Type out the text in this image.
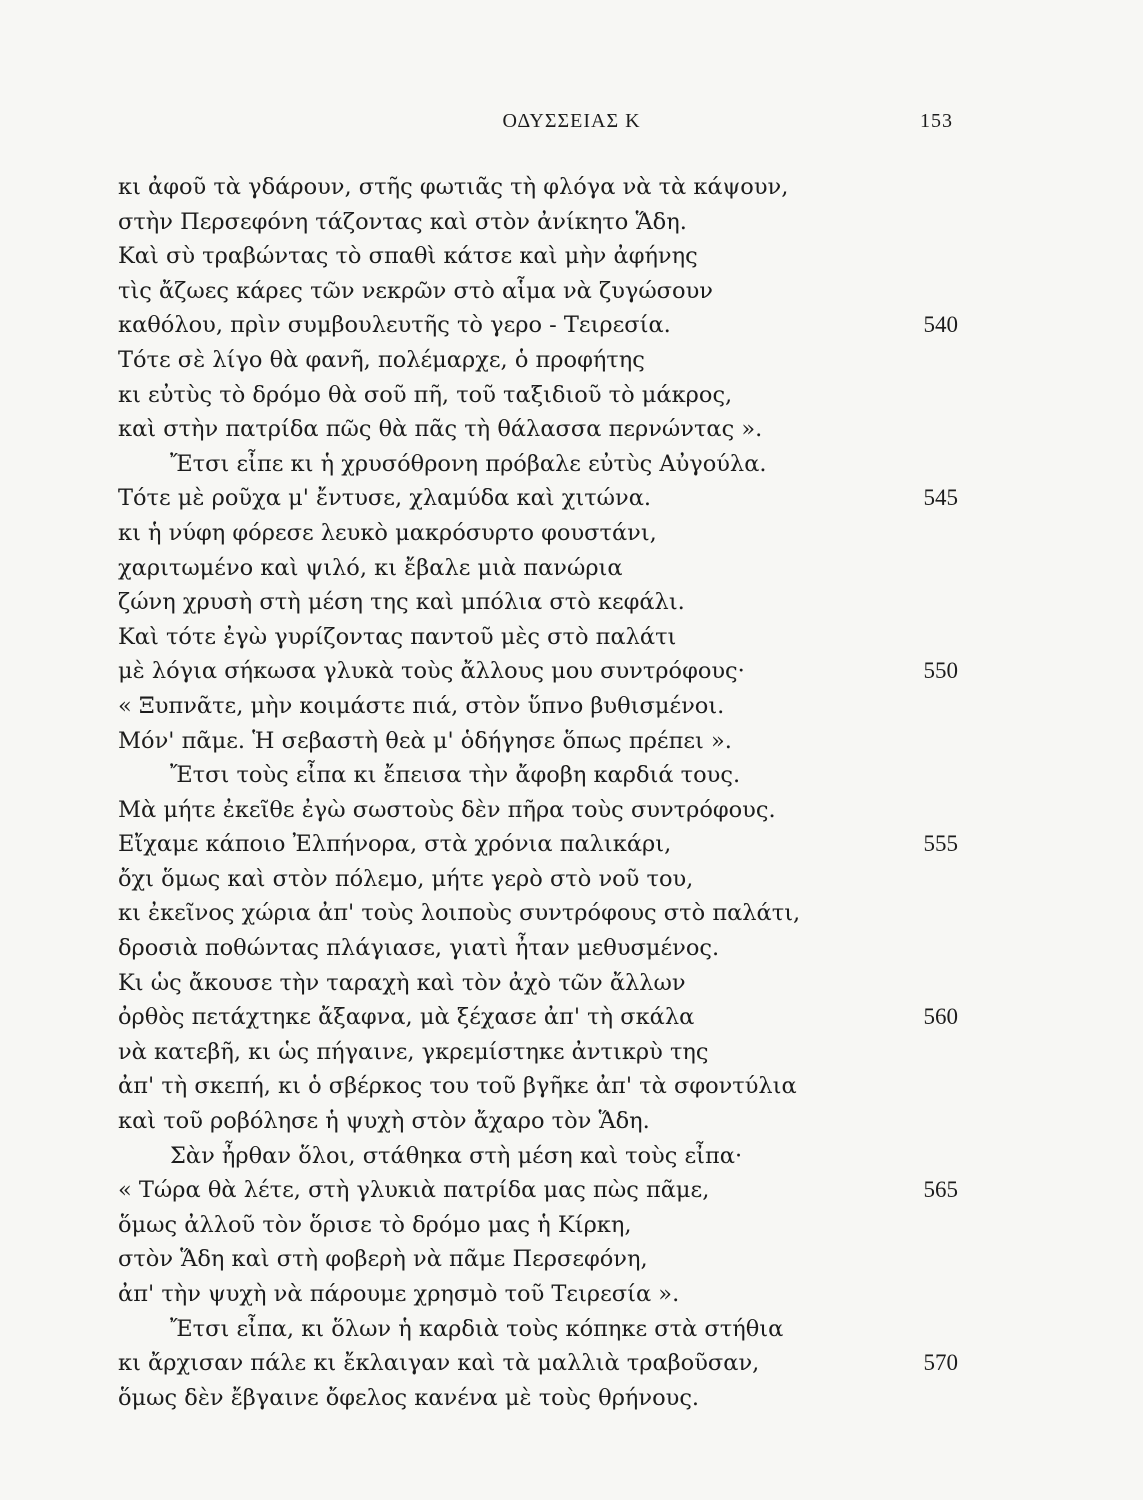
ΟΔΥΣΣΕΙΑΣ Κ	153
κι ἀφοῦ τὰ γδάρουν, στῆς φωτιᾶς τὴ φλόγα νὰ τὰ κάψουν,
στὴν Περσεφόνη τάζοντας καὶ στὸν ἀνίκητο Ἅδη.
Καὶ σὺ τραβώντας τὸ σπαθὶ κάτσε καὶ μὴν ἀφήνης
τὶς ἄζωες κάρες τῶν νεκρῶν στὸ αἷμα νὰ ζυγώσουν
καθόλου, πρὶν συμβουλευτῆς τὸ γερο - Τειρεσία.	540
Τότε σὲ λίγο θὰ φανῆ, πολέμαρχε, ὁ προφήτης
κι εὐτὺς τὸ δρόμο θὰ σοῦ πῆ, τοῦ ταξιδιοῦ τὸ μάκρος,
καὶ στὴν πατρίδα πῶς θὰ πᾶς τὴ θάλασσα περνώντας ».
Ἔτσι εἶπε κι ἡ χρυσόθρονη πρόβαλε εὐτὺς Αὐγούλα.
Τότε μὲ ροῦχα μ' ἔντυσε, χλαμύδα καὶ χιτώνα.	545
κι ἡ νύφη φόρεσε λευκὸ μακρόσυρτο φουστάνι,
χαριτωμένο καὶ ψιλό, κι ἔβαλε μιὰ πανώρια
ζώνη χρυσὴ στὴ μέση της καὶ μπόλια στὸ κεφάλι.
Καὶ τότε ἐγὼ γυρίζοντας παντοῦ μὲς στὸ παλάτι
μὲ λόγια σήκωσα γλυκὰ τοὺς ἄλλους μου συντρόφους·	550
« Ξυπνᾶτε, μὴν κοιμάστε πιά, στὸν ὕπνο βυθισμένοι.
Μόν' πᾶμε. Ἡ σεβαστὴ θεὰ μ' ὁδήγησε ὅπως πρέπει ».
Ἔτσι τοὺς εἶπα κι ἔπεισα τὴν ἄφοβη καρδιά τους.
Μὰ μήτε ἐκεῖθε ἐγὼ σωστοὺς δὲν πῆρα τοὺς συντρόφους.
Εἴχαμε κάποιο Ἐλπήνορα, στὰ χρόνια παλικάρι,	555
ὄχι ὅμως καὶ στὸν πόλεμο, μήτε γερὸ στὸ νοῦ του,
κι ἐκεῖνος χώρια ἀπ' τοὺς λοιποὺς συντρόφους στὸ παλάτι,
δροσιὰ ποθώντας πλάγιασε, γιατὶ ἦταν μεθυσμένος.
Κι ὡς ἄκουσε τὴν ταραχὴ καὶ τὸν ἀχὸ τῶν ἄλλων
ὀρθὸς πετάχτηκε ἄξαφνα, μὰ ξέχασε ἀπ' τὴ σκάλα	560
νὰ κατεβῆ, κι ὡς πήγαινε, γκρεμίστηκε ἀντικρὺ της
ἀπ' τὴ σκεπή, κι ὁ σβέρκος του τοῦ βγῆκε ἀπ' τὰ σφοντύλια
καὶ τοῦ ροβόλησε ἡ ψυχὴ στὸν ἄχαρο τὸν Ἅδη.
Σὰν ἦρθαν ὅλοι, στάθηκα στὴ μέση καὶ τοὺς εἶπα·
« Τώρα θὰ λέτε, στὴ γλυκιὰ πατρίδα μας πὼς πᾶμε,	565
ὅμως ἀλλοῦ τὸν ὅρισε τὸ δρόμο μας ἡ Κίρκη,
στὸν Ἅδη καὶ στὴ φοβερὴ νὰ πᾶμε Περσεφόνη,
ἀπ' τὴν ψυχὴ νὰ πάρουμε χρησμὸ τοῦ Τειρεσία ».
Ἔτσι εἶπα, κι ὅλων ἡ καρδιὰ τοὺς κόπηκε στὰ στήθια
κι ἄρχισαν πάλε κι ἔκλαιγαν καὶ τὰ μαλλιὰ τραβοῦσαν,	570
ὅμως δὲν ἔβγαινε ὄφελος κανένα μὲ τοὺς θρήνους.
